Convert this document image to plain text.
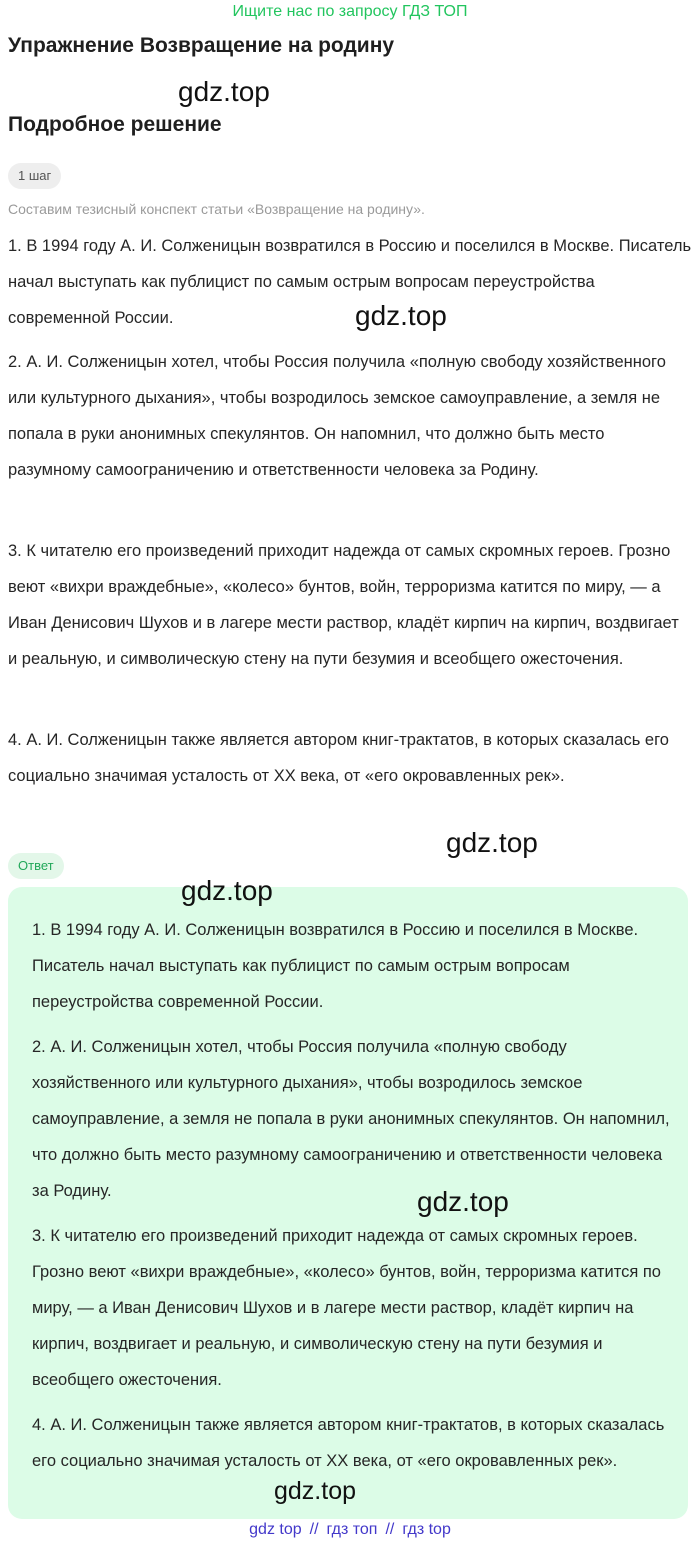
Ищите нас по запросу ГДЗ ТОП
Упражнение Возвращение на родину
gdz.top
Подробное решение
1 шаг
Составим тезисный конспект статьи «Возвращение на родину».

1. В 1994 году А. И. Солженицын возвратился в Россию и поселился в Москве. Писатель начал выступать как публицист по самым острым вопросам переустройства современной России.	gdz.top

2. А. И. Солженицын хотел, чтобы Россия получила «полную свободу хозяйственного или культурного дыхания», чтобы возродилось земское самоуправление, а земля не попала в руки анонимных спекулянтов. Он напомнил, что должно быть место разумному самоограничению и ответственности человека за Родину.

3. К читателю его произведений приходит надежда от самых скромных героев. Грозно веют «вихри враждебные», «колесо» бунтов, войн, терроризма катится по миру, — а Иван Денисович Шухов и в лагере мести раствор, кладёт кирпич на кирпич, воздвигает и реальную, и символическую стену на пути безумия и всеобщего ожесточения.

4. А. И. Солженицын также является автором книг-трактатов, в которых сказалась его социально значимая усталость от XX века, от «его окровавленных рек».

gdz.top
Ответ
gdz.top

1. В 1994 году А. И. Солженицын возвратился в Россию и поселился в Москве. Писатель начал выступать как публицист по самым острым вопросам переустройства современной России.

2. А. И. Солженицын хотел, чтобы Россия получила «полную свободу хозяйственного или культурного дыхания», чтобы возродилось земское самоуправление, а земля не попала в руки анонимных спекулянтов. Он напомнил, что должно быть место разумному самоограничению и ответственности человека за Родину.	gdz.top

3. К читателю его произведений приходит надежда от самых скромных героев. Грозно веют «вихри враждебные», «колесо» бунтов, войн, терроризма катится по миру, — а Иван Денисович Шухов и в лагере мести раствор, кладёт кирпич на кирпич, воздвигает и реальную, и символическую стену на пути безумия и всеобщего ожесточения.

4. А. И. Солженицын также является автором книг-трактатов, в которых сказалась его социально значимая усталость от XX века, от «его окровавленных рек».

gdz.top
gdz top // гдз топ // гдз top
